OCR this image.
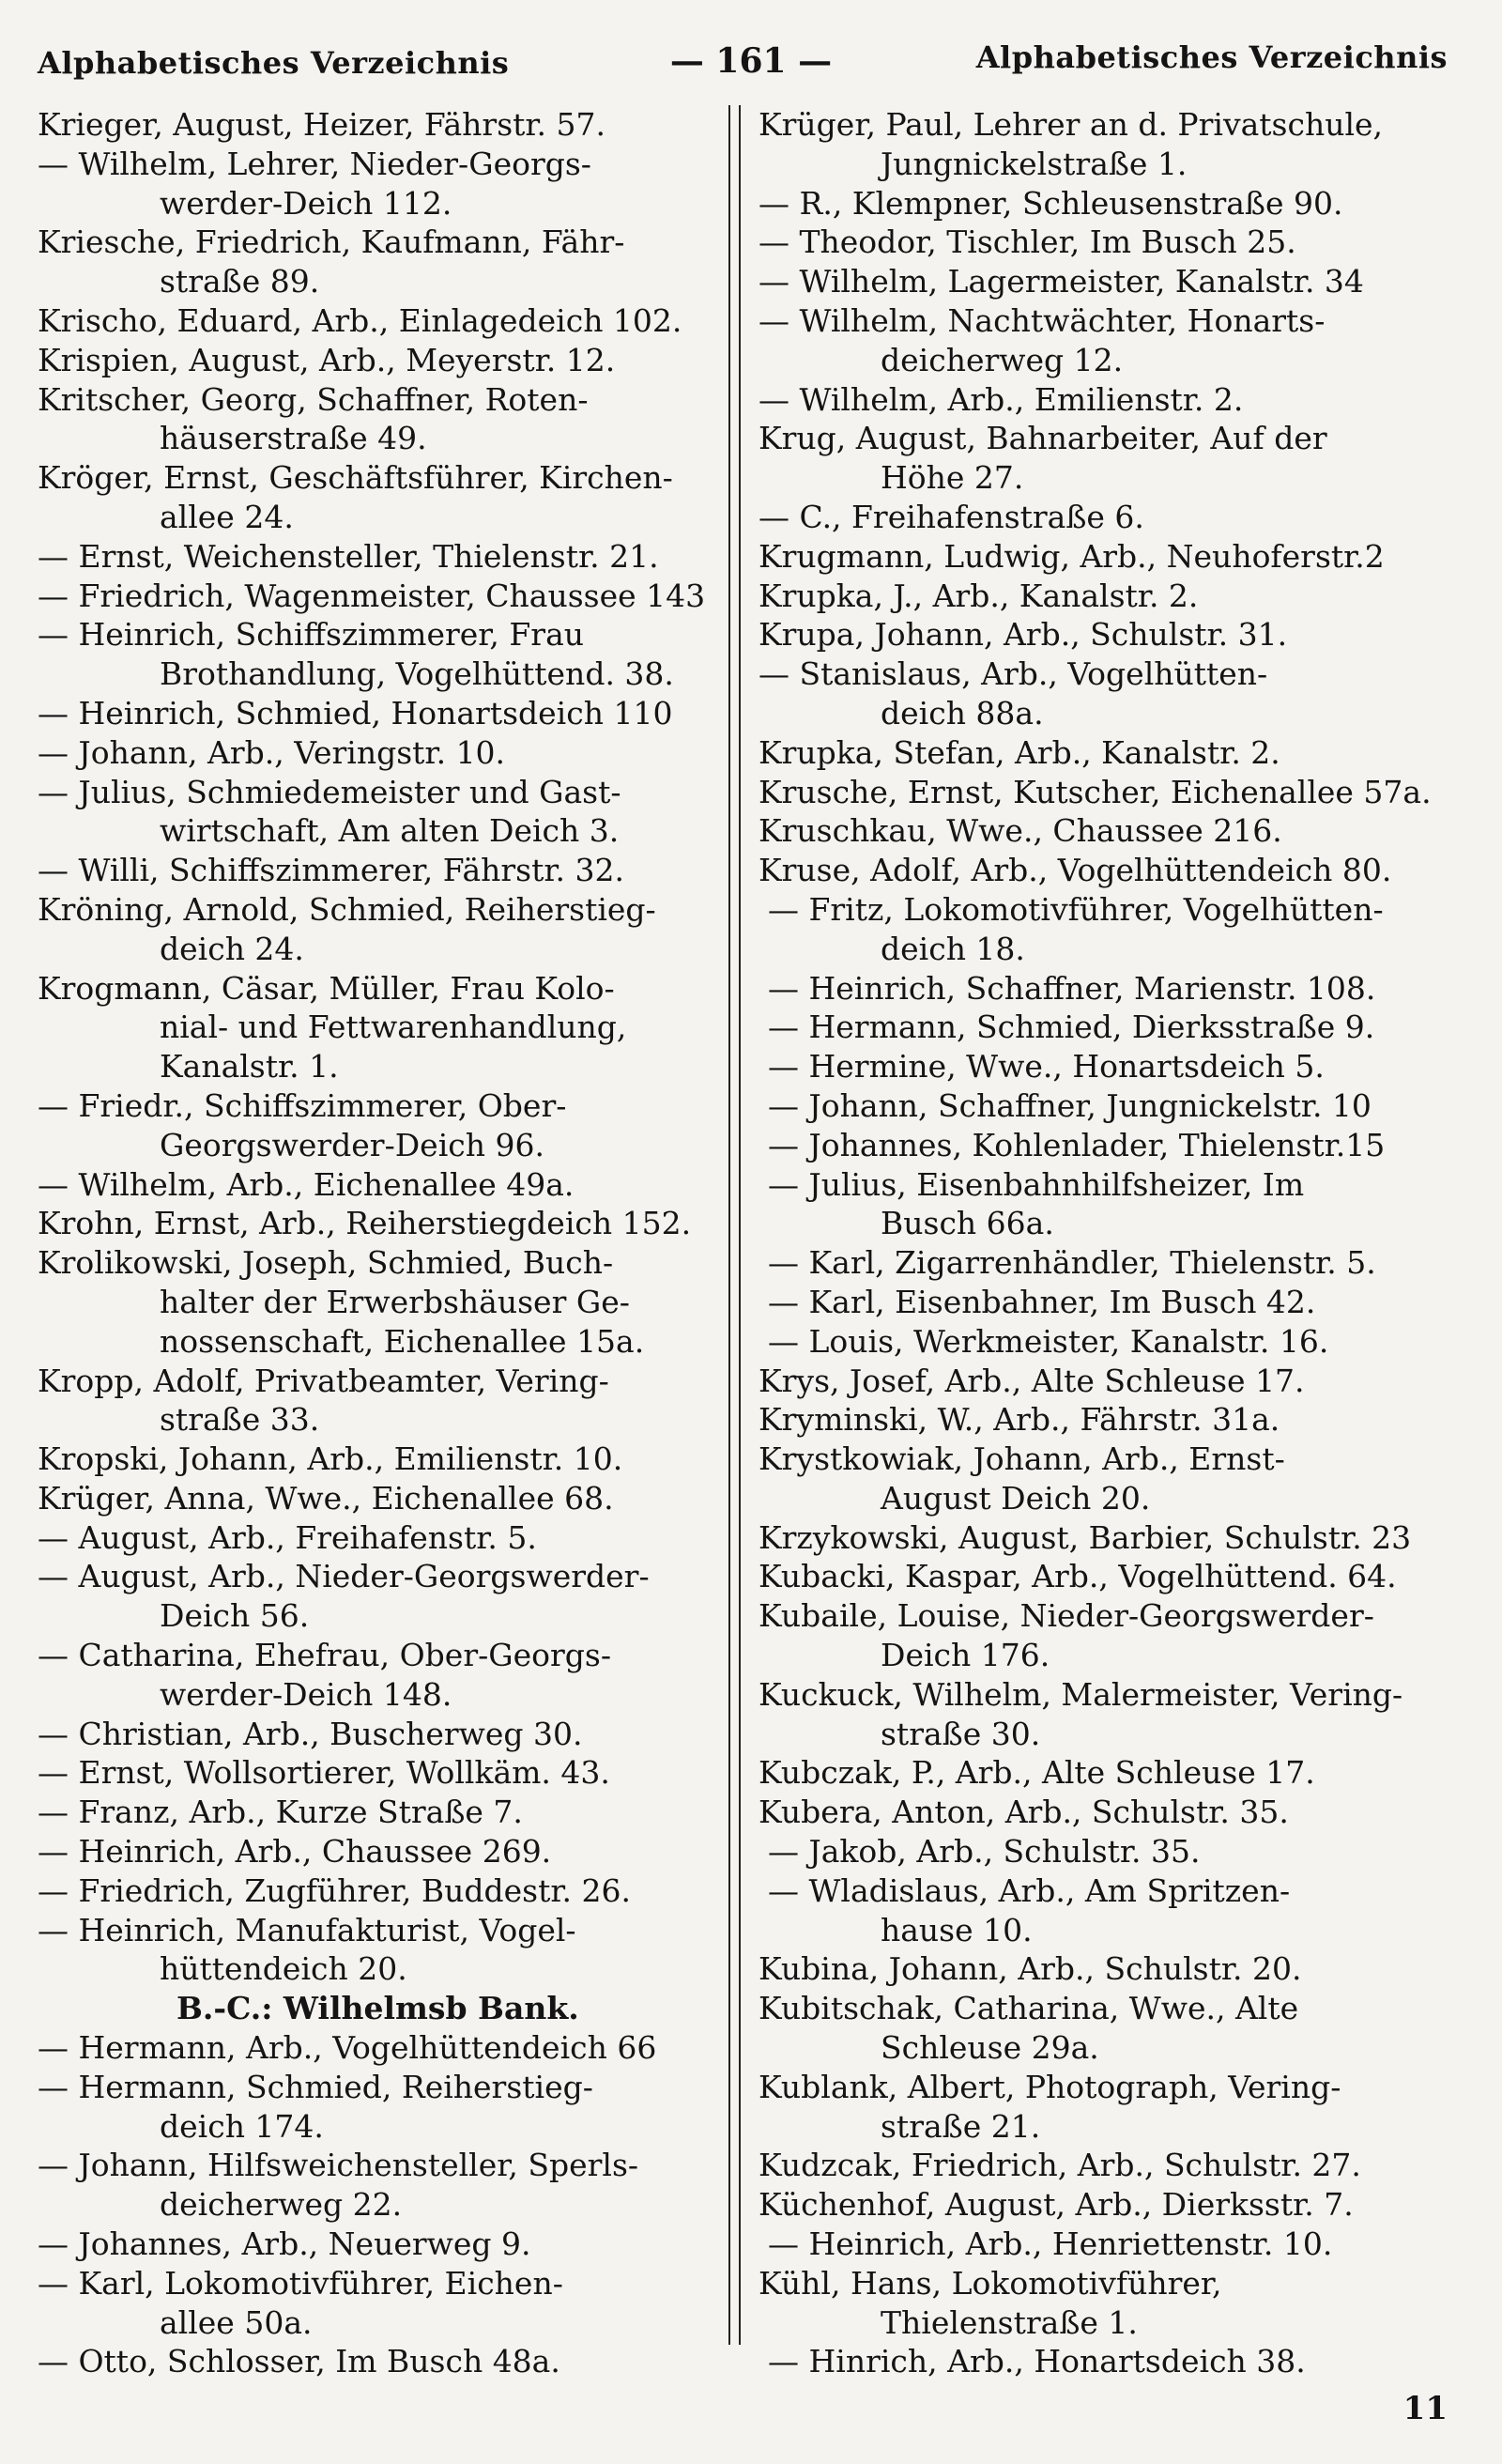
Alphabetisches Verzeichnis	— 161 —	Alphabetisches Verzeichnis
Krieger, August, Heizer, Fährstr. 57.
— Wilhelm, Lehrer, Nieder-Georgs-
werder-Deich 112.
Kriesche, Friedrich, Kaufmann, Fähr-
straße 89.
Krischo, Eduard, Arb., Einlagedeich 102.
Krispien, August, Arb., Meyerstr. 12.
Kritscher, Georg, Schaffner, Roten-
häuserstraße 49.
Kröger, Ernst, Geschäftsführer, Kirchen-
allee 24.
— Ernst, Weichensteller, Thielenstr. 21.
— Friedrich, Wagenmeister, Chaussee 143
— Heinrich, Schiffszimmerer, Frau
Brothandlung, Vogelhüttend. 38.
— Heinrich, Schmied, Honartsdeich 110
— Johann, Arb., Veringstr. 10.
— Julius, Schmiedemeister und Gast-
wirtschaft, Am alten Deich 3.
— Willi, Schiffszimmerer, Fährstr. 32.
Kröning, Arnold, Schmied, Reiherstieg-
deich 24.
Krogmann, Cäsar, Müller, Frau Kolo-
nial- und Fettwarenhandlung,
Kanalstr. 1.
— Friedr., Schiffszimmerer, Ober-
Georgswerder-Deich 96.
— Wilhelm, Arb., Eichenallee 49a.
Krohn, Ernst, Arb., Reiherstiegdeich 152.
Krolikowski, Joseph, Schmied, Buch-
halter der Erwerbshäuser Ge-
nossenschaft, Eichenallee 15a.
Kropp, Adolf, Privatbeamter, Vering-
straße 33.
Kropski, Johann, Arb., Emilienstr. 10.
Krüger, Anna, Wwe., Eichenallee 68.
— August, Arb., Freihafenstr. 5.
— August, Arb., Nieder-Georgswerder-
Deich 56.
— Catharina, Ehefrau, Ober-Georgs-
werder-Deich 148.
— Christian, Arb., Buscherweg 30.
— Ernst, Wollsortierer, Wollkäm. 43.
— Franz, Arb., Kurze Straße 7.
— Heinrich, Arb., Chaussee 269.
— Friedrich, Zugführer, Buddestr. 26.
— Heinrich, Manufakturist, Vogel-
hüttendeich 20.
B.-C.: Wilhelmsb Bank.
— Hermann, Arb., Vogelhüttendeich 66
— Hermann, Schmied, Reiherstieg-
deich 174.
— Johann, Hilfsweichensteller, Sperls-
deicherweg 22.
— Johannes, Arb., Neuerweg 9.
— Karl, Lokomotivführer, Eichen-
allee 50a.
— Otto, Schlosser, Im Busch 48a.
Krüger, Paul, Lehrer an d. Privatschule,
Jungnickelstraße 1.
— R., Klempner, Schleusenstraße 90.
— Theodor, Tischler, Im Busch 25.
— Wilhelm, Lagermeister, Kanalstr. 34
— Wilhelm, Nachtwächter, Honarts-
deicherweg 12.
— Wilhelm, Arb., Emilienstr. 2.
Krug, August, Bahnarbeiter, Auf der
Höhe 27.
— C., Freihafenstraße 6.
Krugmann, Ludwig, Arb., Neuhoferstr.2
Krupka, J., Arb., Kanalstr. 2.
Krupa, Johann, Arb., Schulstr. 31.
— Stanislaus, Arb., Vogelhütten-
deich 88a.
Krupka, Stefan, Arb., Kanalstr. 2.
Krusche, Ernst, Kutscher, Eichenallee 57a.
Kruschkau, Wwe., Chaussee 216.
Kruse, Adolf, Arb., Vogelhüttendeich 80.
— Fritz, Lokomotivführer, Vogelhütten-
deich 18.
— Heinrich, Schaffner, Marienstr. 108.
— Hermann, Schmied, Dierksstraße 9.
— Hermine, Wwe., Honartsdeich 5.
— Johann, Schaffner, Jungnickelstr. 10
— Johannes, Kohlenlader, Thielenstr.15
— Julius, Eisenbahnhilfsheizer, Im
Busch 66a.
— Karl, Zigarrenhändler, Thielenstr. 5.
— Karl, Eisenbahner, Im Busch 42.
— Louis, Werkmeister, Kanalstr. 16.
Krys, Josef, Arb., Alte Schleuse 17.
Kryminski, W., Arb., Fährstr. 31a.
Krystkowiak, Johann, Arb., Ernst-
August Deich 20.
Krzykowski, August, Barbier, Schulstr. 23
Kubacki, Kaspar, Arb., Vogelhüttend. 64.
Kubaile, Louise, Nieder-Georgswerder-
Deich 176.
Kuckuck, Wilhelm, Malermeister, Vering-
straße 30.
Kubczak, P., Arb., Alte Schleuse 17.
Kubera, Anton, Arb., Schulstr. 35.
— Jakob, Arb., Schulstr. 35.
— Wladislaus, Arb., Am Spritzen-
hause 10.
Kubina, Johann, Arb., Schulstr. 20.
Kubitschak, Catharina, Wwe., Alte
Schleuse 29a.
Kublank, Albert, Photograph, Vering-
straße 21.
Kudzcak, Friedrich, Arb., Schulstr. 27.
Küchenhof, August, Arb., Dierksstr. 7.
— Heinrich, Arb., Henriettenstr. 10.
Kühl, Hans, Lokomotivführer,
Thielenstraße 1.
— Hinrich, Arb., Honartsdeich 38.
11
